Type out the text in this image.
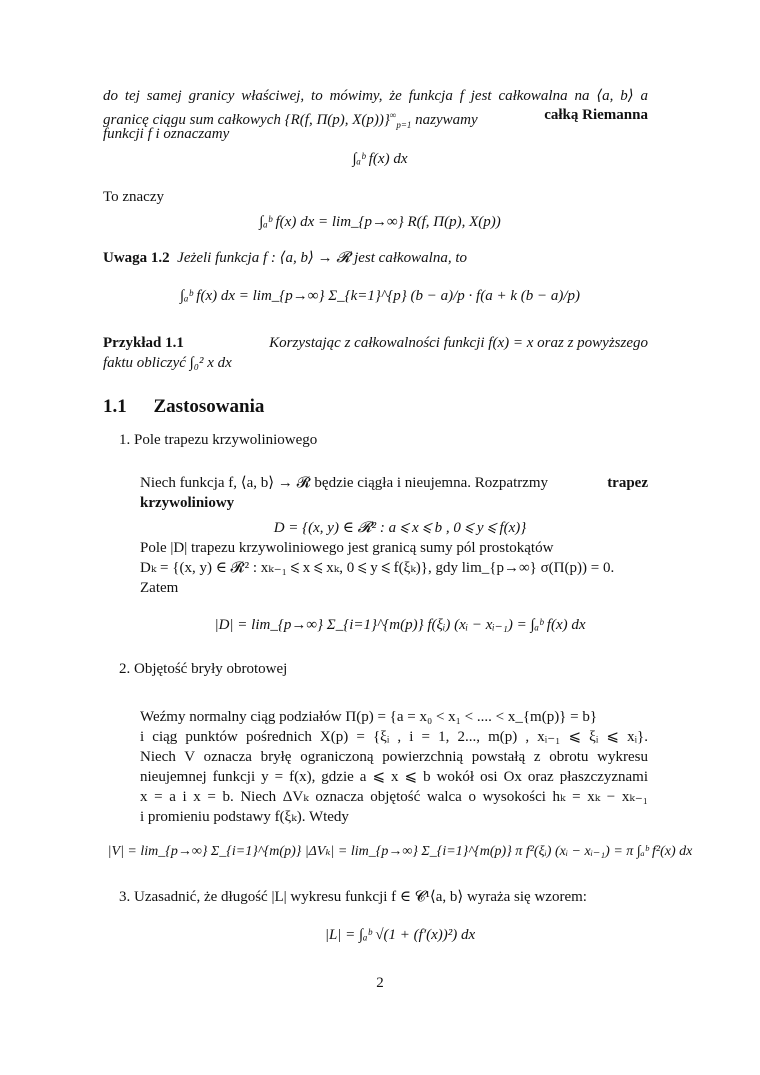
do tej samej granicy właściwej, to mówimy, że funkcja f jest całkowalna na ⟨a, b⟩ a
granicę ciągu sum całkowych {R(f, Π(p), $X(p))\}^\infty_{p=1}$ nazywamy	całką Riemanna
funkcji f i oznaczamy
∫ₐᵇ f(x) dx
To znaczy
∫ₐᵇ f(x) dx = lim_{p→∞} R(f, Π(p), X(p))
Uwaga 1.2 Jeżeli funkcja f : ⟨a, b⟩ → 𝓡 jest całkowalna, to
∫ₐᵇ f(x) dx = lim_{p→∞} Σ_{k=1}^{p} (b − a)/p · f(a + k (b − a)/p)
Przykład 1.1	Korzystając z całkowalności funkcji f(x) = x oraz z powyższego
faktu obliczyć ∫₀² x dx
1.1 Zastosowania
1. Pole trapezu krzywoliniowego
Niech funkcja f, ⟨a, b⟩ → 𝓡 będzie ciągła i nieujemna. Rozpatrzmy	trapez
krzywoliniowy
D = {(x, y) ∈ 𝓡² : a ⩽ x ⩽ b , 0 ⩽ y ⩽ f(x)}
Pole |D| trapezu krzywoliniowego jest granicą sumy pól prostokątów
Dₖ = {(x, y) ∈ 𝓡² : xₖ₋₁ ⩽ x ⩽ xₖ, 0 ⩽ y ⩽ f(ξₖ)}, gdy lim_{p→∞} σ(Π(p)) = 0.
Zatem
|D| = lim_{p→∞} Σ_{i=1}^{m(p)} f(ξᵢ) (xᵢ − xᵢ₋₁) = ∫ₐᵇ f(x) dx
2. Objętość bryły obrotowej
Weźmy normalny ciąg podziałów Π(p) = {a = x₀ < x₁ < .... < x_{m(p)} = b}
i ciąg punktów pośrednich X(p) = {ξᵢ , i = 1, 2..., m(p) , xᵢ₋₁ ⩽ ξᵢ ⩽ xᵢ}.
Niech V oznacza bryłę ograniczoną powierzchnią powstałą z obrotu wykresu
nieujemnej funkcji y = f(x), gdzie a ⩽ x ⩽ b wokół osi Ox oraz płaszczyznami
x = a i x = b. Niech ΔVₖ oznacza objętość walca o wysokości hₖ = xₖ − xₖ₋₁
i promieniu podstawy f(ξₖ). Wtedy
|V| = lim_{p→∞} Σ_{i=1}^{m(p)} |ΔVₖ| = lim_{p→∞} Σ_{i=1}^{m(p)} π f²(ξᵢ) (xᵢ − xᵢ₋₁) = π ∫ₐᵇ f²(x) dx
3. Uzasadnić, że długość |L| wykresu funkcji f ∈ 𝓒¹⟨a, b⟩ wyraża się wzorem:
|L| = ∫ₐᵇ √(1 + (f′(x))²) dx
2
